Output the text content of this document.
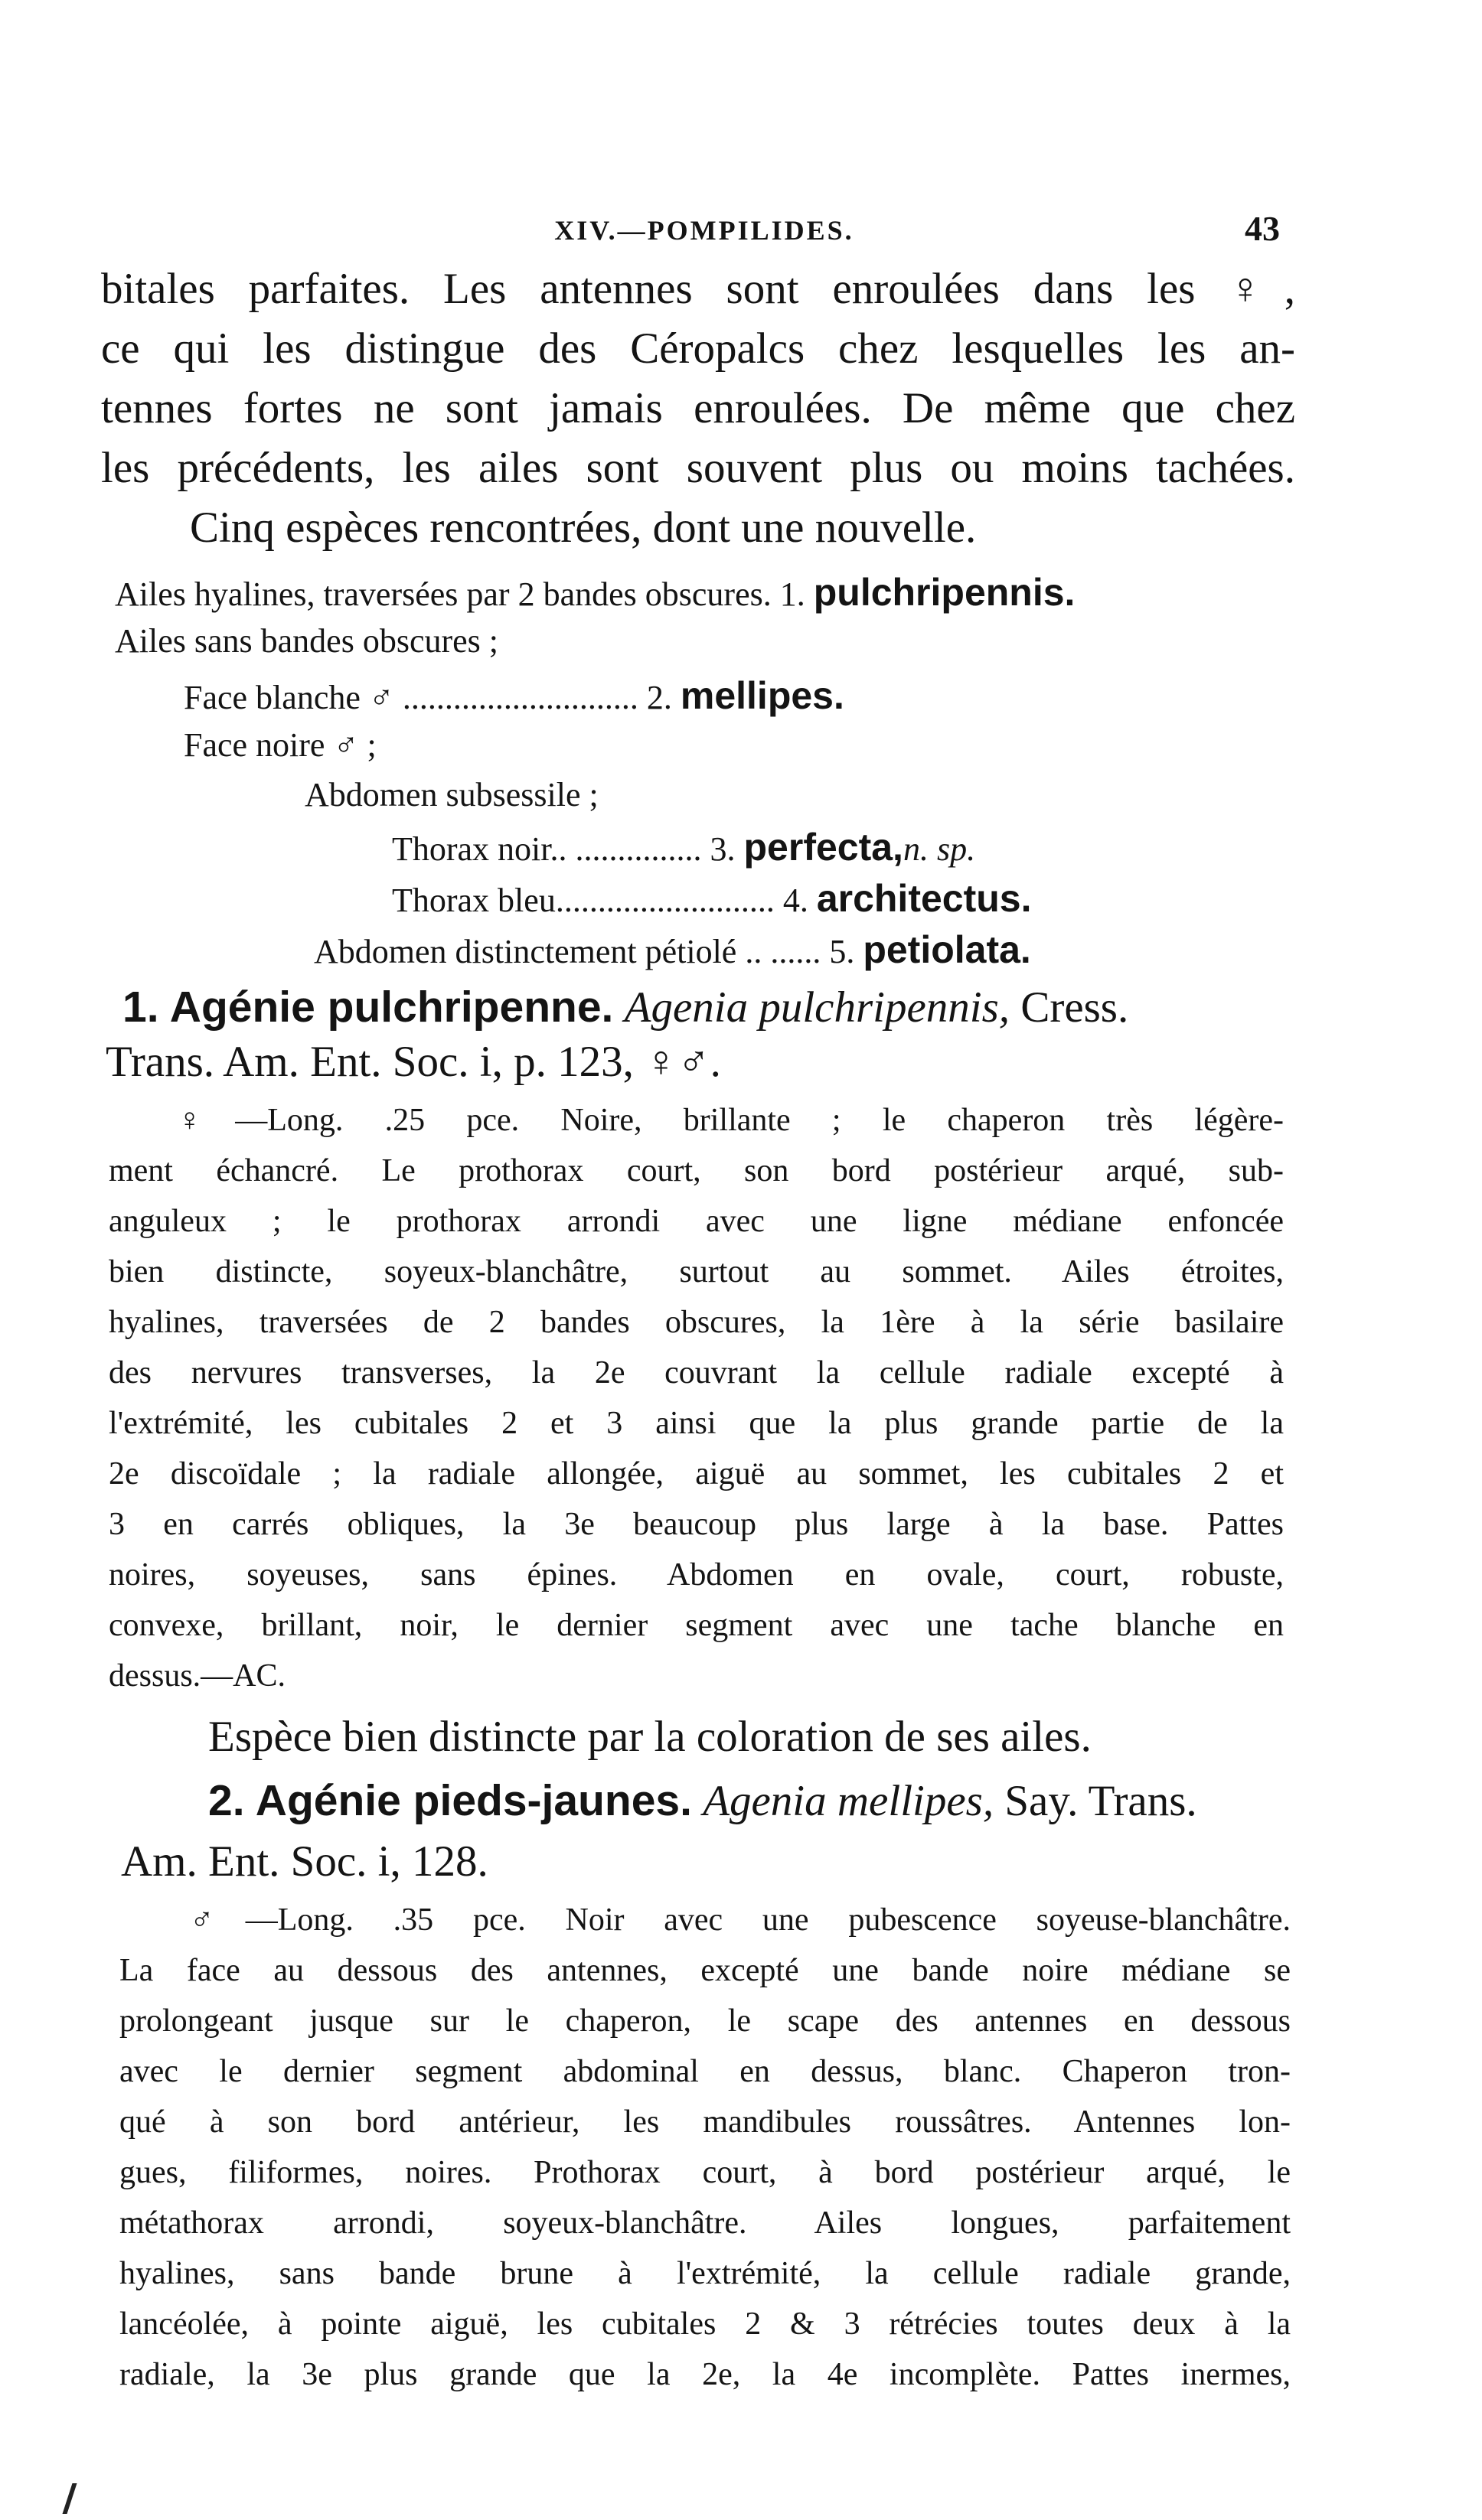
XIV.—POMPILIDES.	43
bitales parfaites. Les antennes sont enroulées dans les ♀,
ce qui les distingue des Céropalcs chez lesquelles les an-
tennes fortes ne sont jamais enroulées. De même que chez
les précédents, les ailes sont souvent plus ou moins tachées.
Cinq espèces rencontrées, dont une nouvelle.
Ailes hyalines, traversées par 2 bandes obscures. 1. pulchripennis.
Ailes sans bandes obscures ;
Face blanche ♂ ............................ 2. mellipes.
Face noire ♂ ;
Abdomen subsessile ;
Thorax noir.. ............... 3. perfecta,n. sp.
Thorax bleu.......................... 4. architectus.
Abdomen distinctement pétiolé .. ...... 5. petiolata.
1. Agénie pulchripenne. Agenia pulchripennis, Cress.
Trans. Am. Ent. Soc. i, p. 123, ♀♂.
♀—Long. .25 pce. Noire, brillante ; le chaperon très légère-
ment échancré. Le prothorax court, son bord postérieur arqué, sub-
anguleux ; le prothorax arrondi avec une ligne médiane enfoncée
bien distincte, soyeux-blanchâtre, surtout au sommet. Ailes étroites,
hyalines, traversées de 2 bandes obscures, la 1ère à la série basilaire
des nervures transverses, la 2e couvrant la cellule radiale excepté à
l'extrémité, les cubitales 2 et 3 ainsi que la plus grande partie de la
2e discoïdale ; la radiale allongée, aiguë au sommet, les cubitales 2 et
3 en carrés obliques, la 3e beaucoup plus large à la base. Pattes
noires, soyeuses, sans épines. Abdomen en ovale, court, robuste,
convexe, brillant, noir, le dernier segment avec une tache blanche en
dessus.—AC.
Espèce bien distincte par la coloration de ses ailes.
2. Agénie pieds-jaunes. Agenia mellipes, Say. Trans.
Am. Ent. Soc. i, 128.
♂—Long. .35 pce. Noir avec une pubescence soyeuse-blanchâtre.
La face au dessous des antennes, excepté une bande noire médiane se
prolongeant jusque sur le chaperon, le scape des antennes en dessous
avec le dernier segment abdominal en dessus, blanc. Chaperon tron-
qué à son bord antérieur, les mandibules roussâtres. Antennes lon-
gues, filiformes, noires. Prothorax court, à bord postérieur arqué, le
métathorax arrondi, soyeux-blanchâtre. Ailes longues, parfaitement
hyalines, sans bande brune à l'extrémité, la cellule radiale grande,
lancéolée, à pointe aiguë, les cubitales 2 & 3 rétrécies toutes deux à la
radiale, la 3e plus grande que la 2e, la 4e incomplète. Pattes inermes,
